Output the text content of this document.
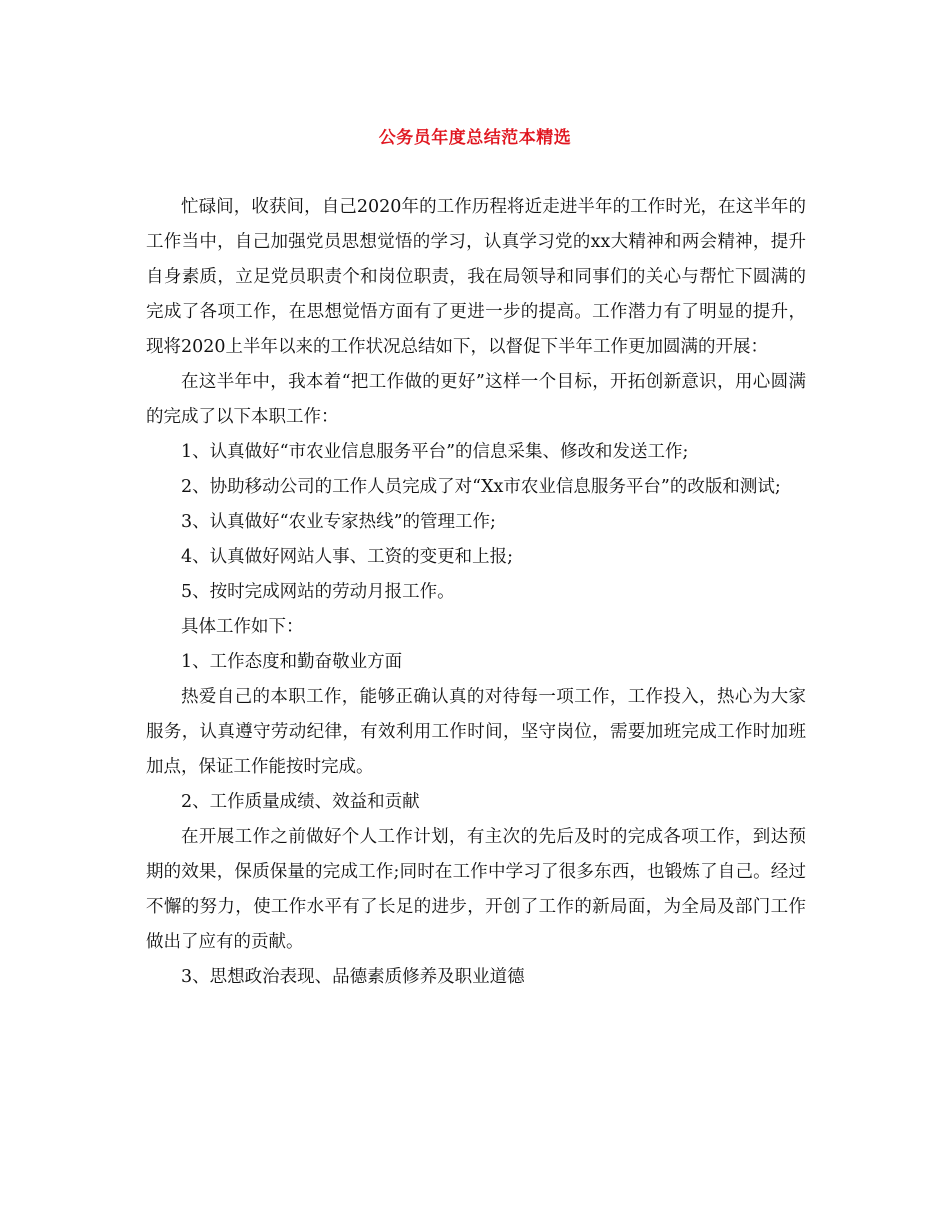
公务员年度总结范本精选

忙碌间，收获间，自己2020年的工作历程将近走进半年的工作时光，在这半年的工作当中，自己加强党员思想觉悟的学习，认真学习党的xx大精神和两会精神，提升自身素质，立足党员职责个和岗位职责，我在局领导和同事们的关心与帮忙下圆满的完成了各项工作，在思想觉悟方面有了更进一步的提高。工作潜力有了明显的提升，现将2020上半年以来的工作状况总结如下，以督促下半年工作更加圆满的开展：

在这半年中，我本着“把工作做的更好”这样一个目标，开拓创新意识，用心圆满的完成了以下本职工作：

1、认真做好“市农业信息服务平台”的信息采集、修改和发送工作;

2、协助移动公司的工作人员完成了对“Xx市农业信息服务平台”的改版和测试;

3、认真做好“农业专家热线”的管理工作;

4、认真做好网站人事、工资的变更和上报;

5、按时完成网站的劳动月报工作。

具体工作如下：

1、工作态度和勤奋敬业方面

热爱自己的本职工作，能够正确认真的对待每一项工作，工作投入，热心为大家服务，认真遵守劳动纪律，有效利用工作时间，坚守岗位，需要加班完成工作时加班加点，保证工作能按时完成。

2、工作质量成绩、效益和贡献

在开展工作之前做好个人工作计划，有主次的先后及时的完成各项工作，到达预期的效果，保质保量的完成工作;同时在工作中学习了很多东西，也锻炼了自己。经过不懈的努力，使工作水平有了长足的进步，开创了工作的新局面，为全局及部门工作做出了应有的贡献。

3、思想政治表现、品德素质修养及职业道德
